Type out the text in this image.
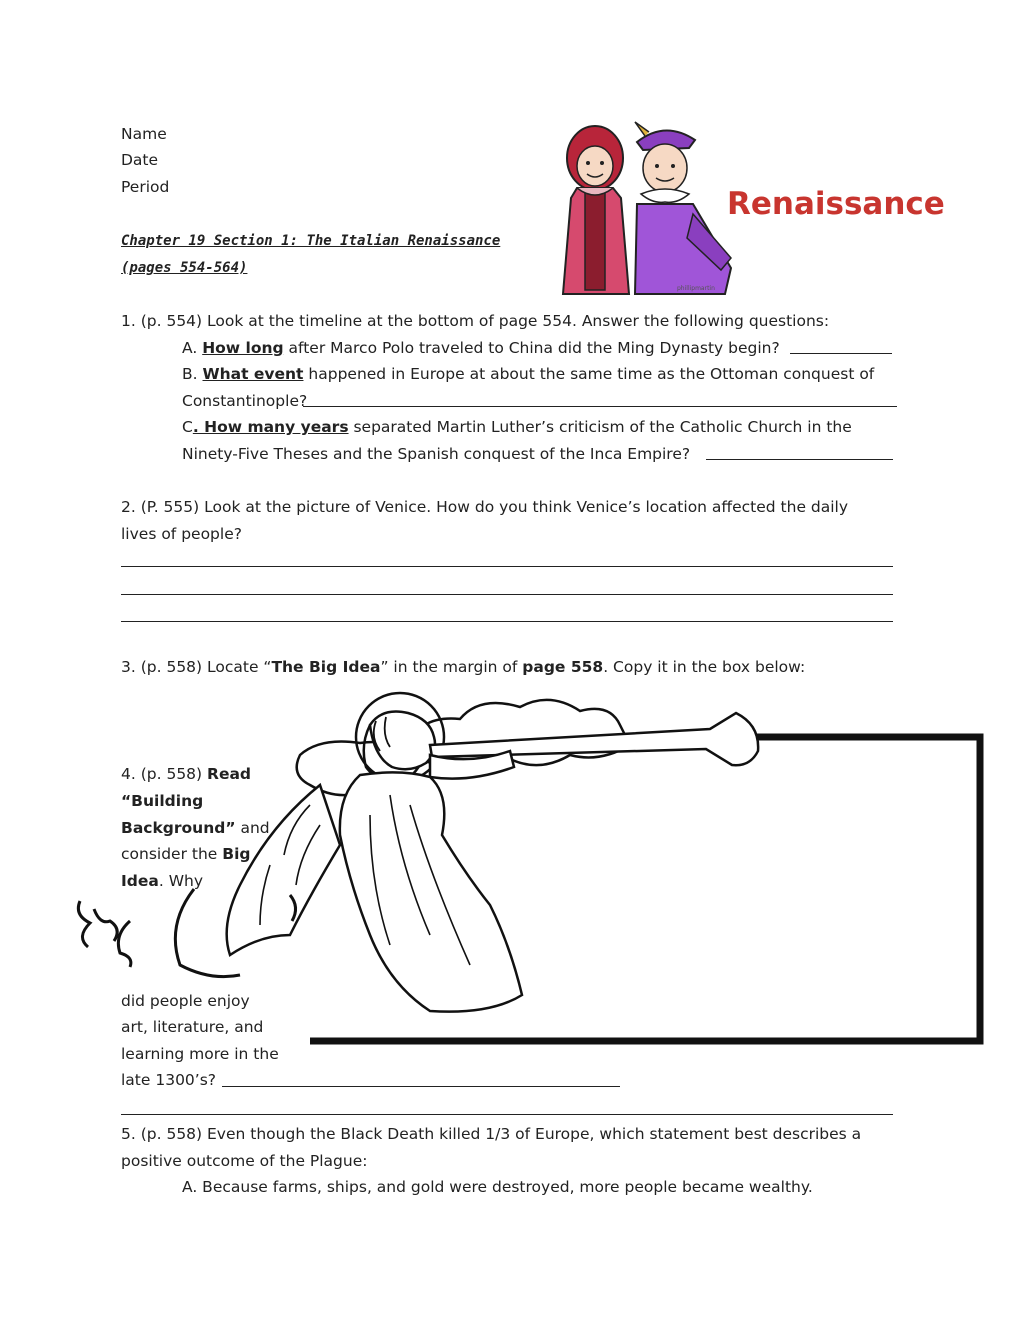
Name
Date
Period
Chapter 19 Section 1: The Italian Renaissance
(pages 554-564)
Renaissance
phillipmartin
1. (p. 554) Look at the timeline at the bottom of page 554. Answer the following questions:
A. How long after Marco Polo traveled to China did the Ming Dynasty begin?
B. What event happened in Europe at about the same time as the Ottoman conquest of
Constantinople?
C. How many years separated Martin Luther’s criticism of the Catholic Church in the
Ninety-Five Theses and the Spanish conquest of the Inca Empire?
2. (P. 555) Look at the picture of Venice. How do you think Venice’s location affected the daily
lives of people?
3. (p. 558) Locate “The Big Idea” in the margin of page 558. Copy it in the box below:
4. (p. 558) Read
“Building
Background” and
consider the Big
Idea. Why
did people enjoy
art, literature, and
learning more in the
late 1300’s?
5. (p. 558) Even though the Black Death killed 1/3 of Europe, which statement best describes a
positive outcome of the Plague:
A. Because farms, ships, and gold were destroyed, more people became wealthy.
